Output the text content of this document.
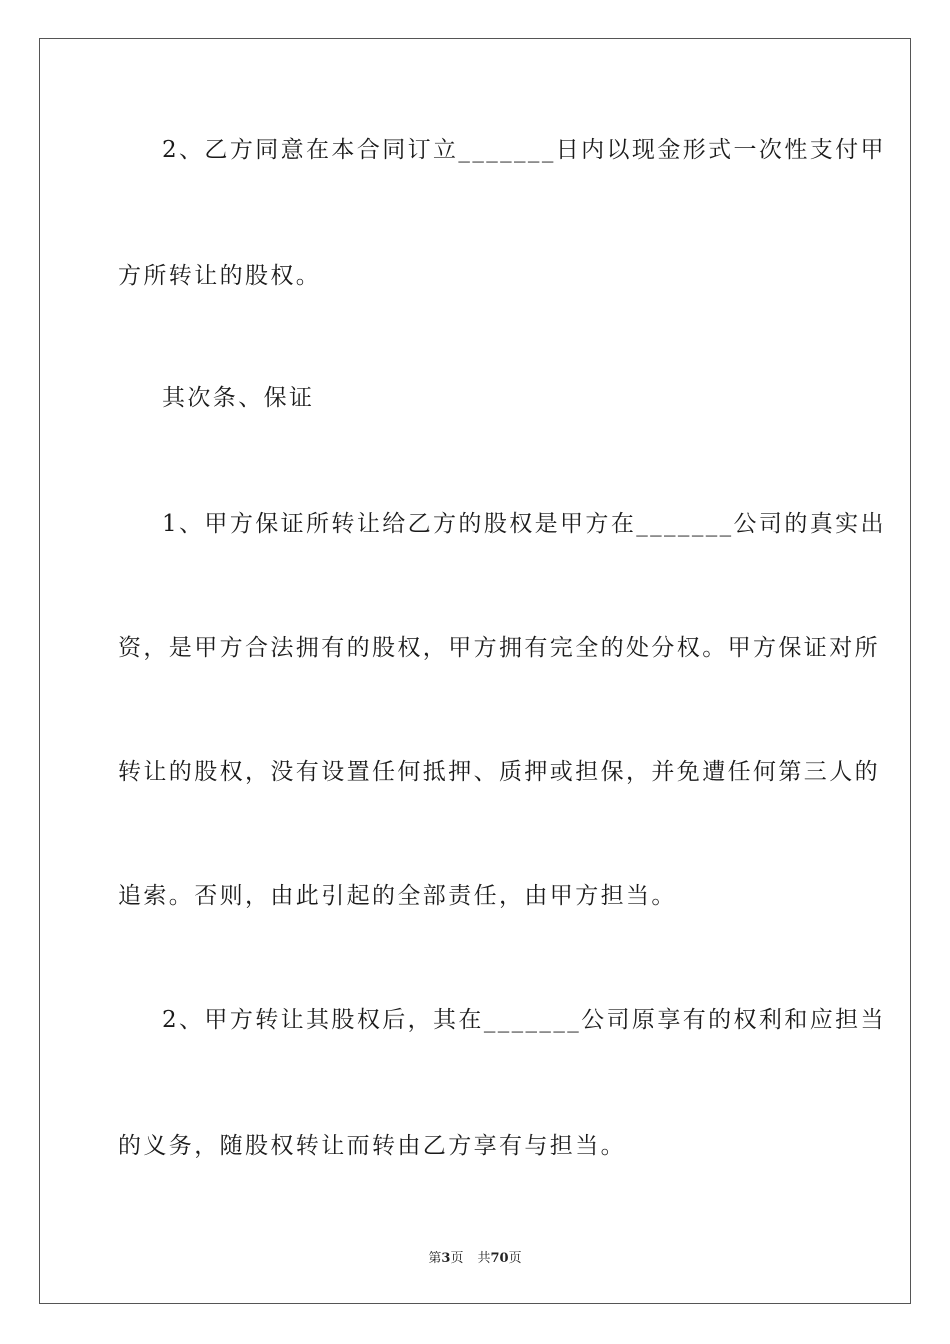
2、乙方同意在本合同订立_______日内以现金形式一次性支付甲
方所转让的股权。
其次条、保证
1、甲方保证所转让给乙方的股权是甲方在_______公司的真实出
资，是甲方合法拥有的股权，甲方拥有完全的处分权。甲方保证对所
转让的股权，没有设置任何抵押、质押或担保，并免遭任何第三人的
追索。否则，由此引起的全部责任，由甲方担当。
2、甲方转让其股权后，其在_______公司原享有的权利和应担当
的义务，随股权转让而转由乙方享有与担当。
第3页 共70页
